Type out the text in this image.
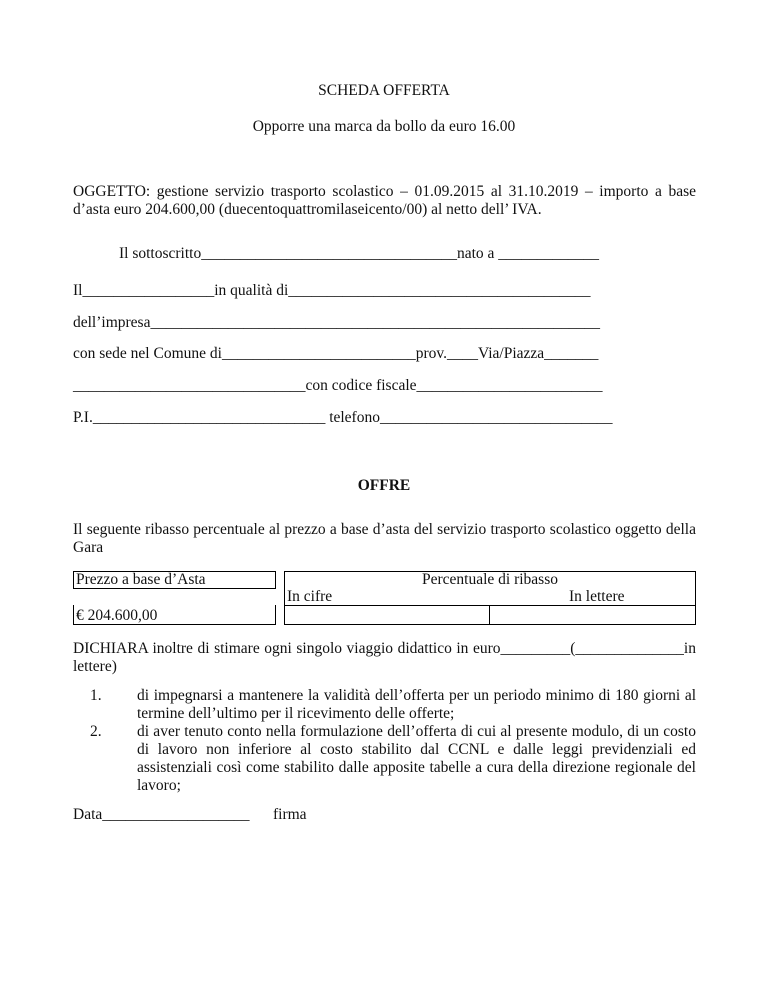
SCHEDA OFFERTA
Opporre una marca da bollo da euro 16.00
OGGETTO: gestione servizio trasporto scolastico – 01.09.2015 al 31.10.2019 – importo a base
d’asta euro 204.600,00 (duecentoquattromilaseicento/00) al netto dell’ IVA.
Il sottoscritto_________________________________nato a _____________
Il_________________in qualità di_______________________________________
dell’impresa__________________________________________________________
con sede nel Comune di_________________________prov.____Via/Piazza_______
______________________________con codice fiscale________________________
P.I.______________________________ telefono______________________________
OFFRE
Il seguente ribasso percentuale al prezzo a base d’asta del servizio trasporto scolastico oggetto della
Gara
Prezzo a base d’Asta		Percentuale di ribasso	
		In cifre	In lettere
€ 204.600,00			
DICHIARA inoltre di stimare ogni singolo viaggio didattico in euro_________(______________in
lettere)
1. di impegnarsi a mantenere la validità dell’offerta per un periodo minimo di 180 giorni al termine dell’ultimo per il ricevimento delle offerte;
2. di aver tenuto conto nella formulazione dell’offerta di cui al presente modulo, di un costo di lavoro non inferiore al costo stabilito dal CCNL e dalle leggi previdenziali ed assistenziali così come stabilito dalle apposite tabelle a cura della direzione regionale del lavoro;
Data___________________ firma
